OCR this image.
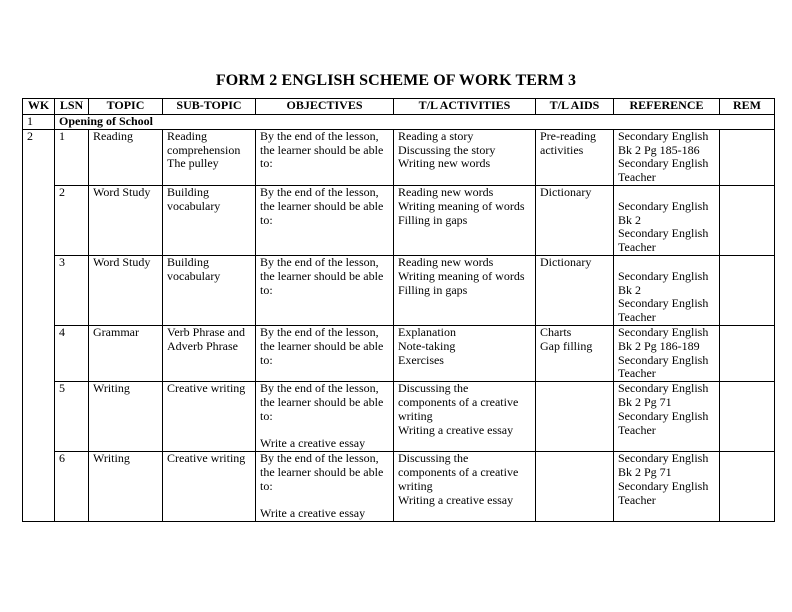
FORM 2 ENGLISH SCHEME OF WORK TERM 3
WK	LSN	TOPIC	SUB-TOPIC	OBJECTIVES	T/L ACTIVITIES	T/L AIDS	REFERENCE	REM
1	Opening of School							
2	1	Reading	Reading
comprehension
The pulley	By the end of the lesson,
the learner should be able
to:	Reading a story
Discussing the story
Writing new words	Pre-reading
activities	Secondary English
Bk 2 Pg 185-186
Secondary English
Teacher	

	2	Word Study	Building
vocabulary	By the end of the lesson,
the learner should be able
to:	Reading new words
Writing meaning of words
Filling in gaps	Dictionary	Secondary English
Bk 2
Secondary English
Teacher	

	3	Word Study	Building
vocabulary	By the end of the lesson,
the learner should be able
to:	Reading new words
Writing meaning of words
Filling in gaps	Dictionary	Secondary English
Bk 2
Secondary English
Teacher	

	4	Grammar	Verb Phrase and
Adverb Phrase	By the end of the lesson,
the learner should be able
to:	Explanation
Note-taking
Exercises	Charts
Gap filling	Secondary English
Bk 2 Pg 186-189
Secondary English
Teacher	

	5	Writing	Creative writing	By the end of the lesson,
the learner should be able
to:
Write a creative essay	Discussing the
components of a creative
writing
Writing a creative essay		Secondary English
Bk 2 Pg 71
Secondary English
Teacher	

	6	Writing	Creative writing	By the end of the lesson,
the learner should be able
to:
Write a creative essay	Discussing the
components of a creative
writing
Writing a creative essay		Secondary English
Bk 2 Pg 71
Secondary English
Teacher	
